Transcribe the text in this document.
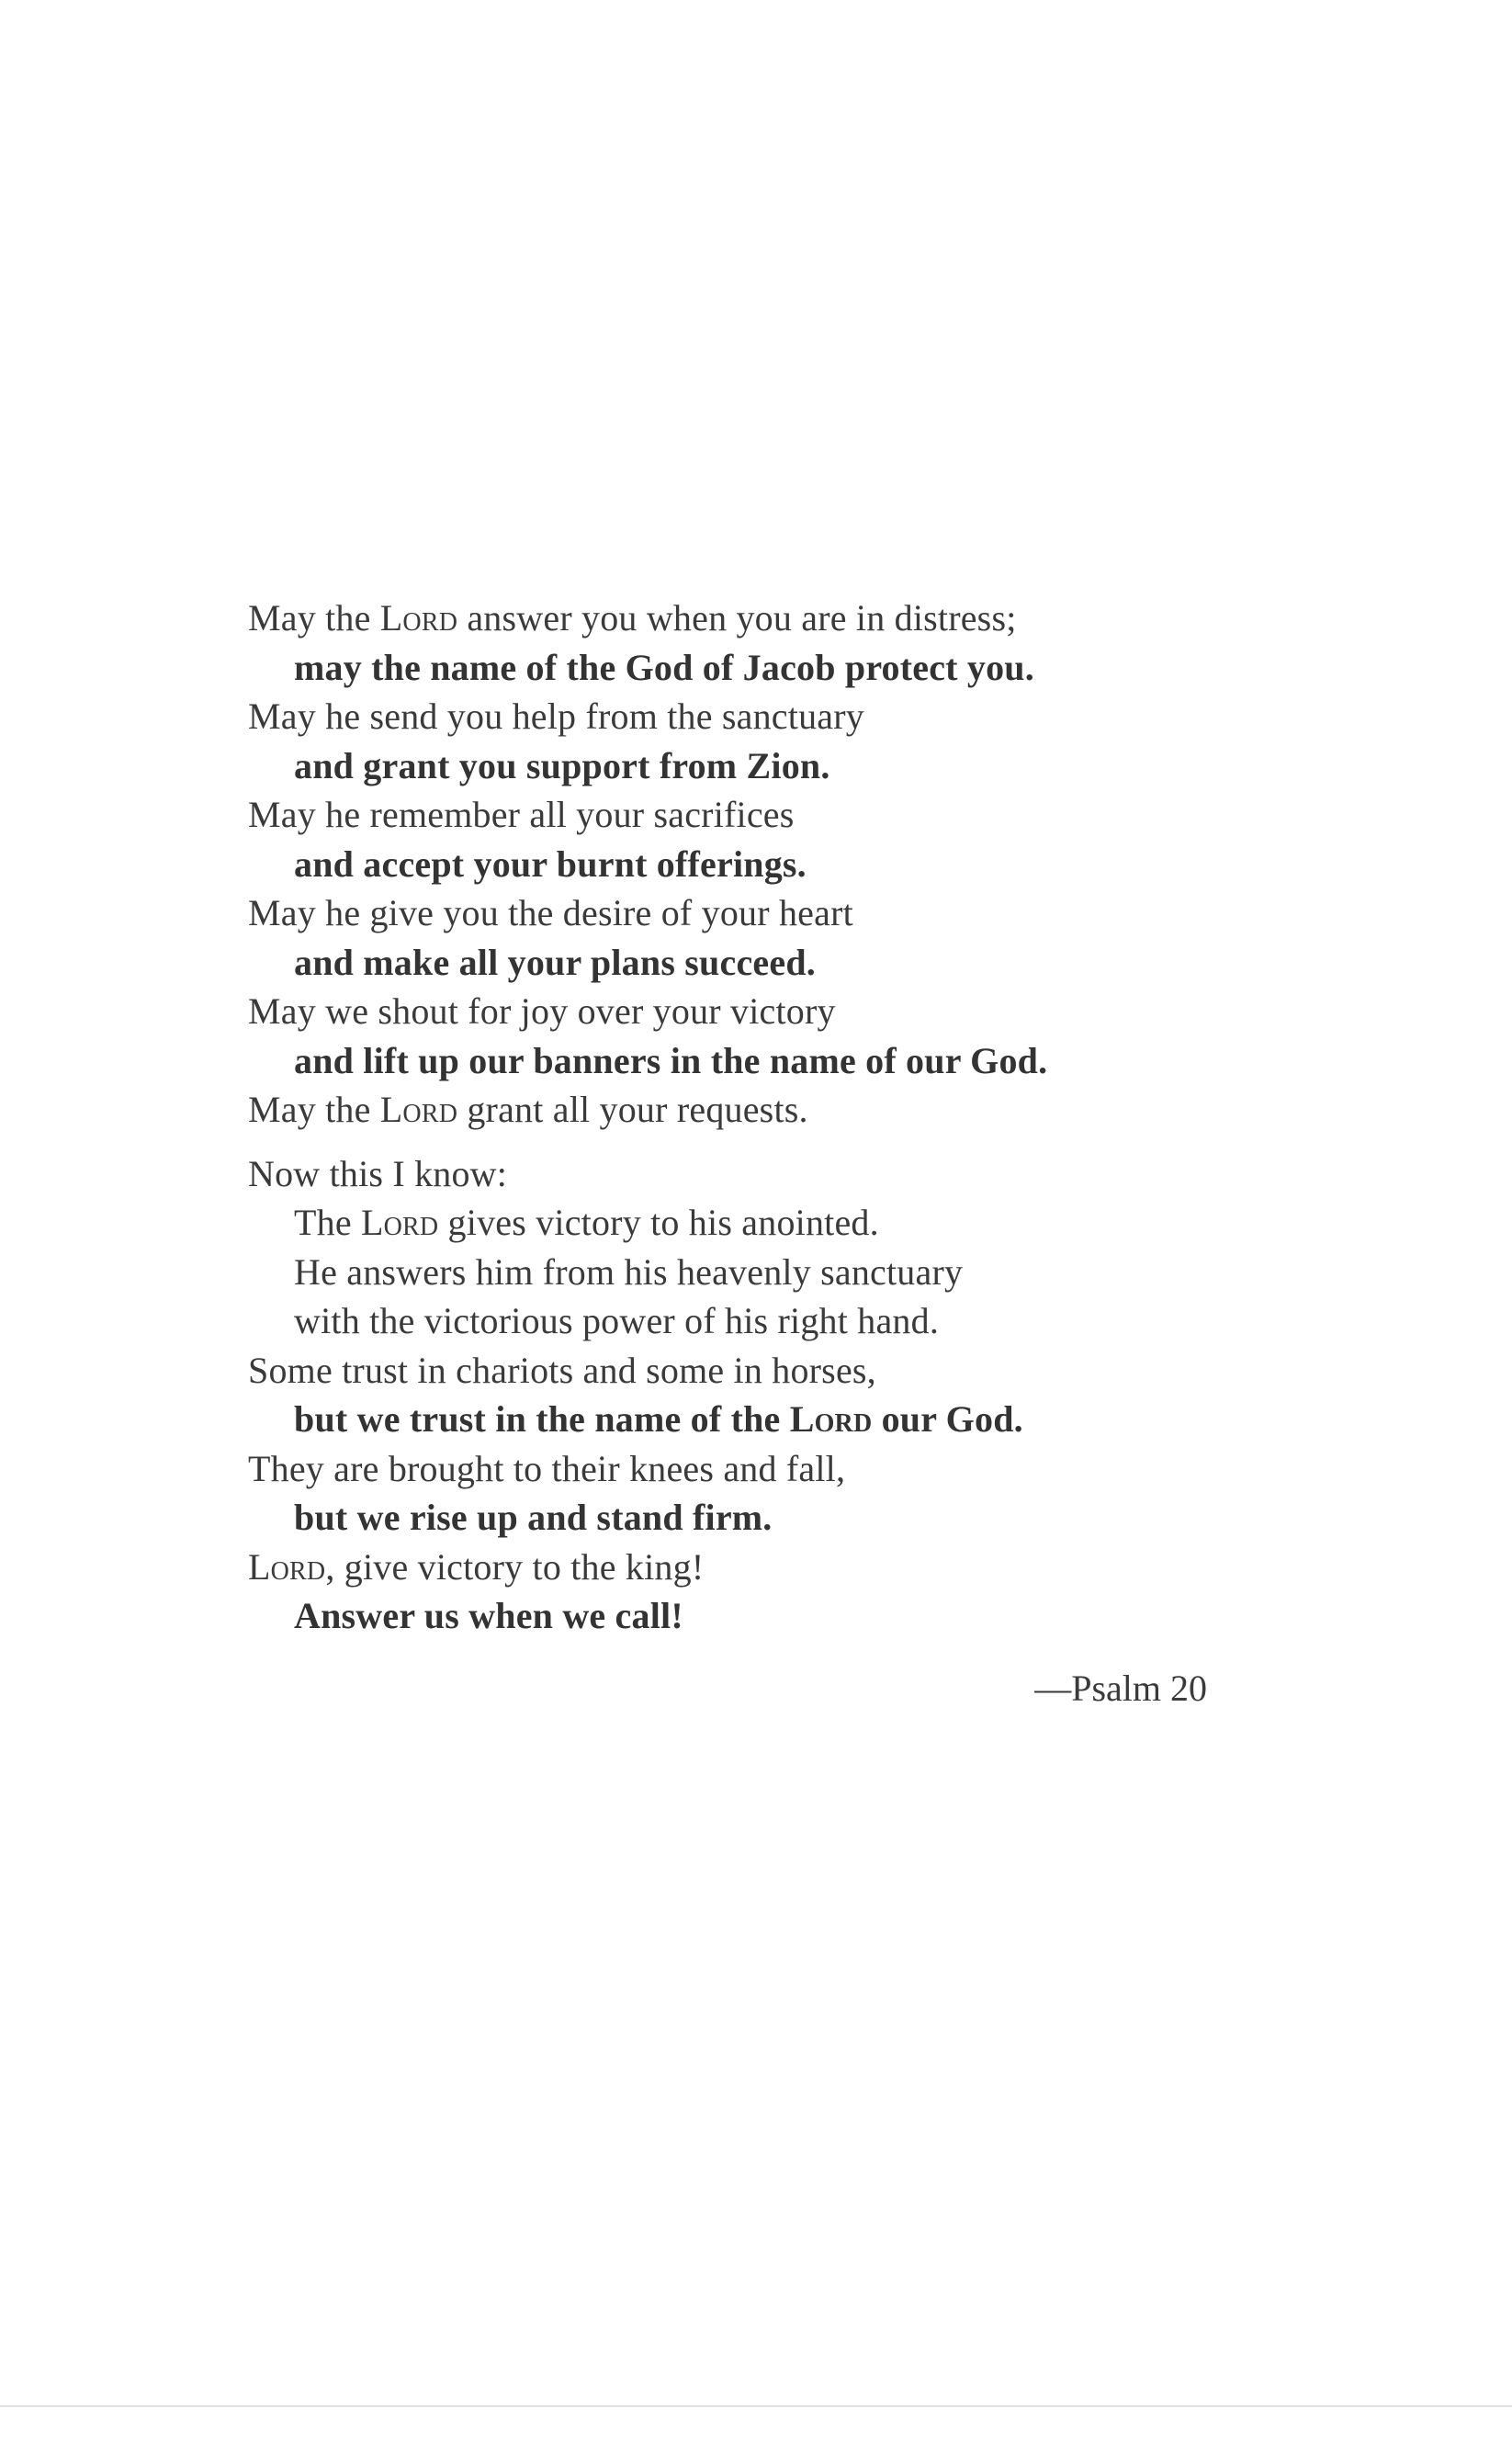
May the Lord answer you when you are in distress;
may the name of the God of Jacob protect you.
May he send you help from the sanctuary
and grant you support from Zion.
May he remember all your sacrifices
and accept your burnt offerings.
May he give you the desire of your heart
and make all your plans succeed.
May we shout for joy over your victory
and lift up our banners in the name of our God.
May the Lord grant all your requests.
Now this I know:
The Lord gives victory to his anointed.
He answers him from his heavenly sanctuary
with the victorious power of his right hand.
Some trust in chariots and some in horses,
but we trust in the name of the Lord our God.
They are brought to their knees and fall,
but we rise up and stand firm.
Lord, give victory to the king!
Answer us when we call!
—Psalm 20
